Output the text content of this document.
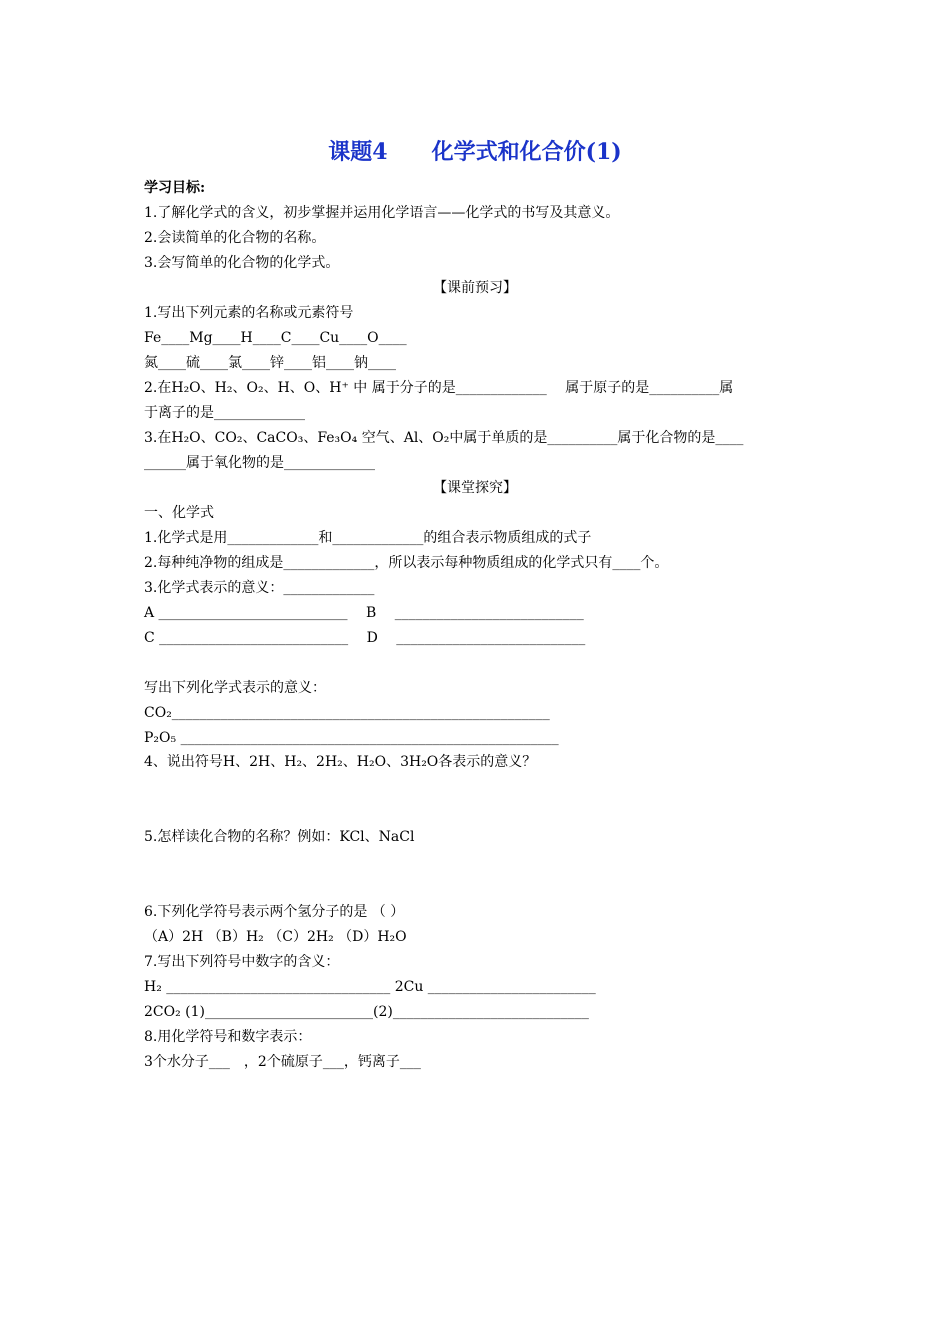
课题4　　化学式和化合价(1)
学习目标:
1.了解化学式的含义，初步掌握并运用化学语言——化学式的书写及其意义。
2.会读简单的化合物的名称。
3.会写简单的化合物的化学式。
【课前预习】
1.写出下列元素的名称或元素符号
Fe____Mg____H____C____Cu____O____
氮____硫____氯____锌____铝____钠____
2.在H₂O、H₂、O₂、H、O、H⁺ 中 属于分子的是_____________　 属于原子的是__________属
于离子的是_____________
3.在H₂O、CO₂、CaCO₃、Fe₃O₄ 空气、Al、O₂中属于单质的是__________属于化合物的是____
______属于氧化物的是_____________
【课堂探究】
一、化学式
1.化学式是用_____________和_____________的组合表示物质组成的式子
2.每种纯净物的组成是_____________，所以表示每种物质组成的化学式只有____个。
3.化学式表示的意义：_____________
A ___________________________　 B　 ___________________________
C ___________________________　 D　 ___________________________
写出下列化学式表示的意义：
CO₂______________________________________________________
P₂O₅ ______________________________________________________
4、说出符号H、2H、H₂、2H₂、H₂O、3H₂O各表示的意义？
5.怎样读化合物的名称？例如：KCl、NaCl
6.下列化学符号表示两个氢分子的是 （ ）
（A）2H （B）H₂ （C）2H₂ （D）H₂O
7.写出下列符号中数字的含义：
H₂ ________________________________ 2Cu ________________________
2CO₂ (1)________________________(2)____________________________
8.用化学符号和数字表示：
3个水分子___　，2个硫原子___，钙离子___
